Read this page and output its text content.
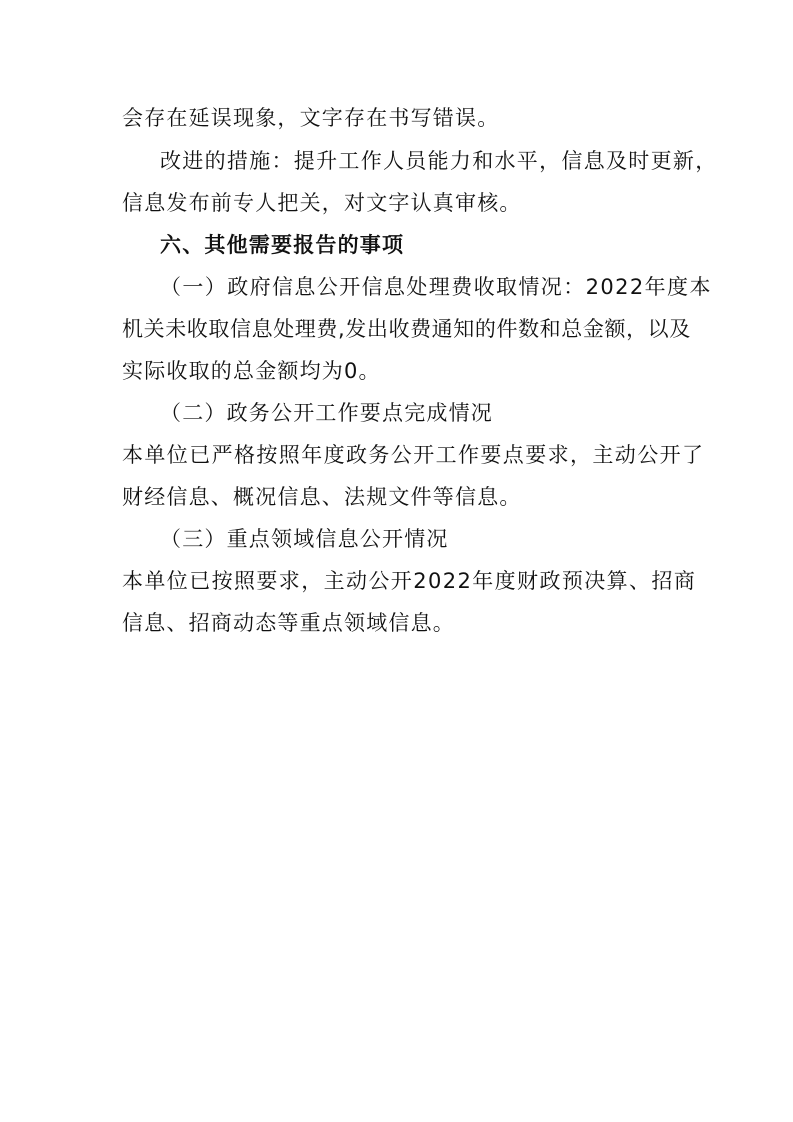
会存在延误现象，文字存在书写错误。
改进的措施：提升工作人员能力和水平，信息及时更新，
信息发布前专人把关，对文字认真审核。
六、其他需要报告的事项
（一）政府信息公开信息处理费收取情况：2022年度本
机关未收取信息处理费,发出收费通知的件数和总金额，以及
实际收取的总金额均为0。
（二）政务公开工作要点完成情况
本单位已严格按照年度政务公开工作要点要求，主动公开了
财经信息、概况信息、法规文件等信息。
（三）重点领域信息公开情况
本单位已按照要求，主动公开2022年度财政预决算、招商
信息、招商动态等重点领域信息。
